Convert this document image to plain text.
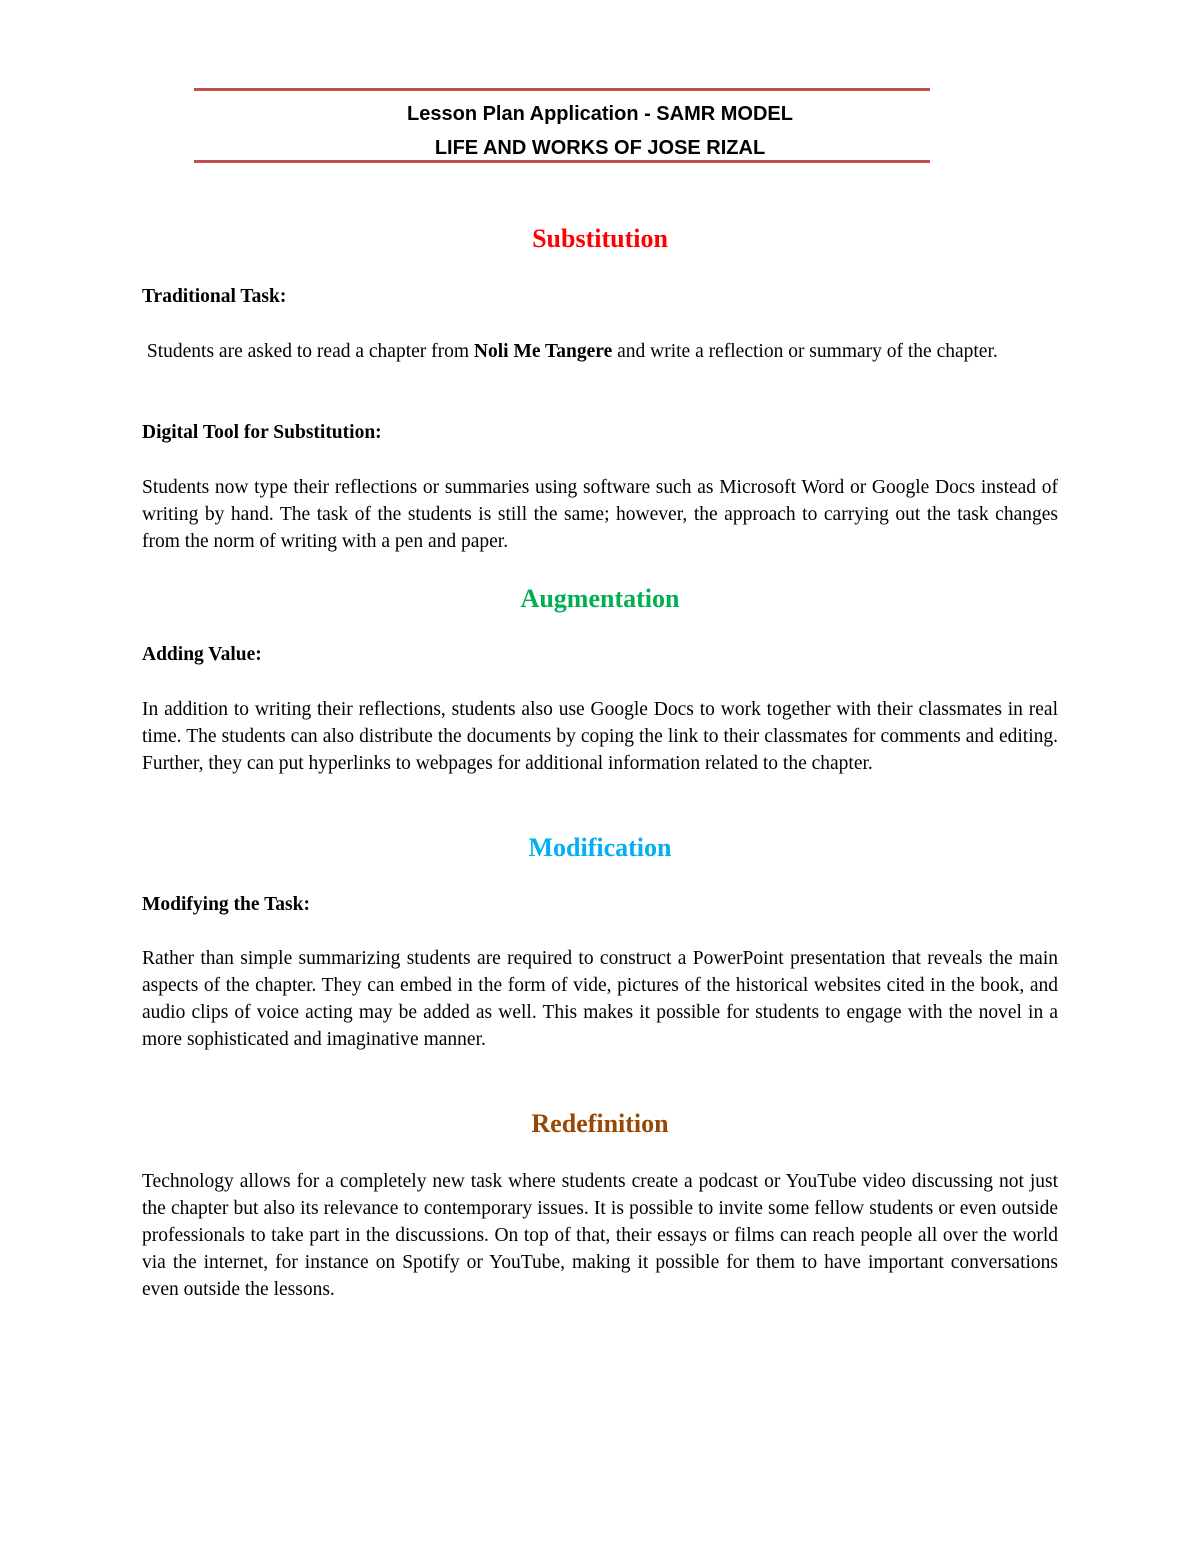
Lesson Plan Application - SAMR MODEL
LIFE AND WORKS OF JOSE RIZAL
Substitution
Traditional Task:
Students are asked to read a chapter from Noli Me Tangere and write a reflection or summary of the chapter.
Digital Tool for Substitution:
Students now type their reflections or summaries using software such as Microsoft Word or Google Docs instead of writing by hand. The task of the students is still the same; however, the approach to carrying out the task changes from the norm of writing with a pen and paper.
Augmentation
Adding Value:
In addition to writing their reflections, students also use Google Docs to work together with their classmates in real time. The students can also distribute the documents by coping the link to their classmates for comments and editing. Further, they can put hyperlinks to webpages for additional information related to the chapter.
Modification
Modifying the Task:
Rather than simple summarizing students are required to construct a PowerPoint presentation that reveals the main aspects of the chapter. They can embed in the form of vide, pictures of the historical websites cited in the book, and audio clips of voice acting may be added as well. This makes it possible for students to engage with the novel in a more sophisticated and imaginative manner.
Redefinition
Technology allows for a completely new task where students create a podcast or YouTube video discussing not just the chapter but also its relevance to contemporary issues. It is possible to invite some fellow students or even outside professionals to take part in the discussions. On top of that, their essays or films can reach people all over the world via the internet, for instance on Spotify or YouTube, making it possible for them to have important conversations even outside the lessons.
